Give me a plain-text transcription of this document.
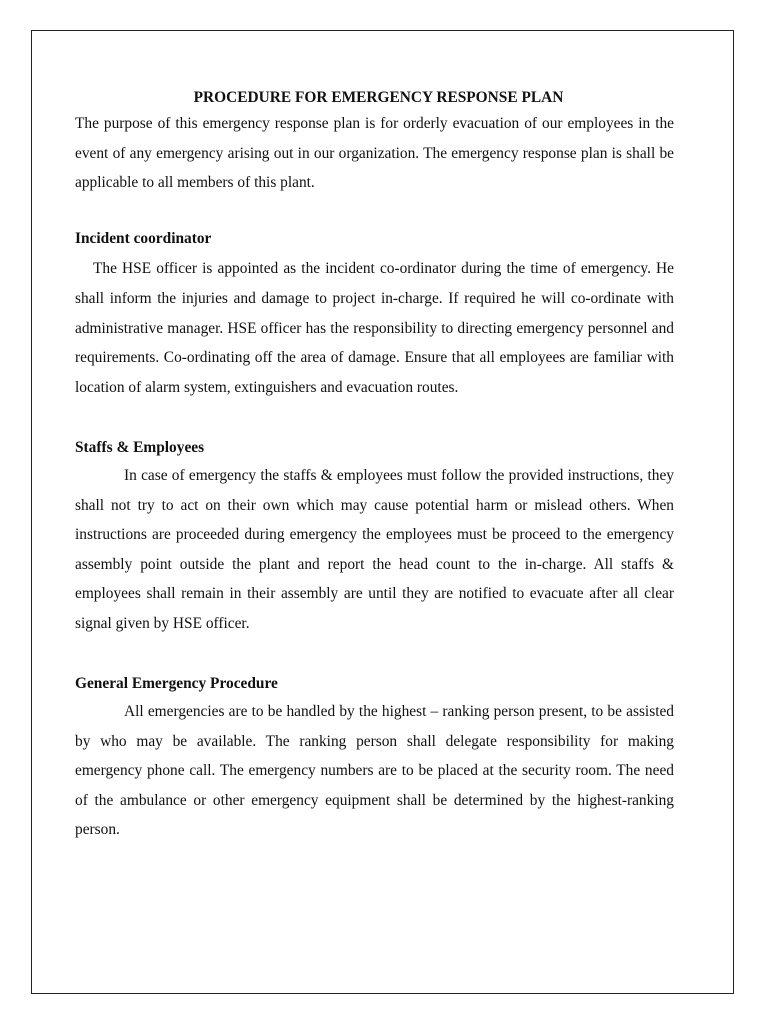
PROCEDURE FOR EMERGENCY RESPONSE PLAN

The purpose of this emergency response plan is for orderly evacuation of our employees in the event of any emergency arising out in our organization. The emergency response plan is shall be applicable to all members of this plant.

Incident coordinator

The HSE officer is appointed as the incident co-ordinator during the time of emergency. He shall inform the injuries and damage to project in-charge. If required he will co-ordinate with administrative manager. HSE officer has the responsibility to directing emergency personnel and requirements. Co-ordinating off the area of damage. Ensure that all employees are familiar with location of alarm system, extinguishers and evacuation routes.

Staffs & Employees

In case of emergency the staffs & employees must follow the provided instructions, they shall not try to act on their own which may cause potential harm or mislead others. When instructions are proceeded during emergency the employees must be proceed to the emergency assembly point outside the plant and report the head count to the in-charge. All staffs & employees shall remain in their assembly are until they are notified to evacuate after all clear signal given by HSE officer.

General Emergency Procedure

All emergencies are to be handled by the highest – ranking person present, to be assisted by who may be available. The ranking person shall delegate responsibility for making emergency phone call. The emergency numbers are to be placed at the security room. The need of the ambulance or other emergency equipment shall be determined by the highest-ranking person.
